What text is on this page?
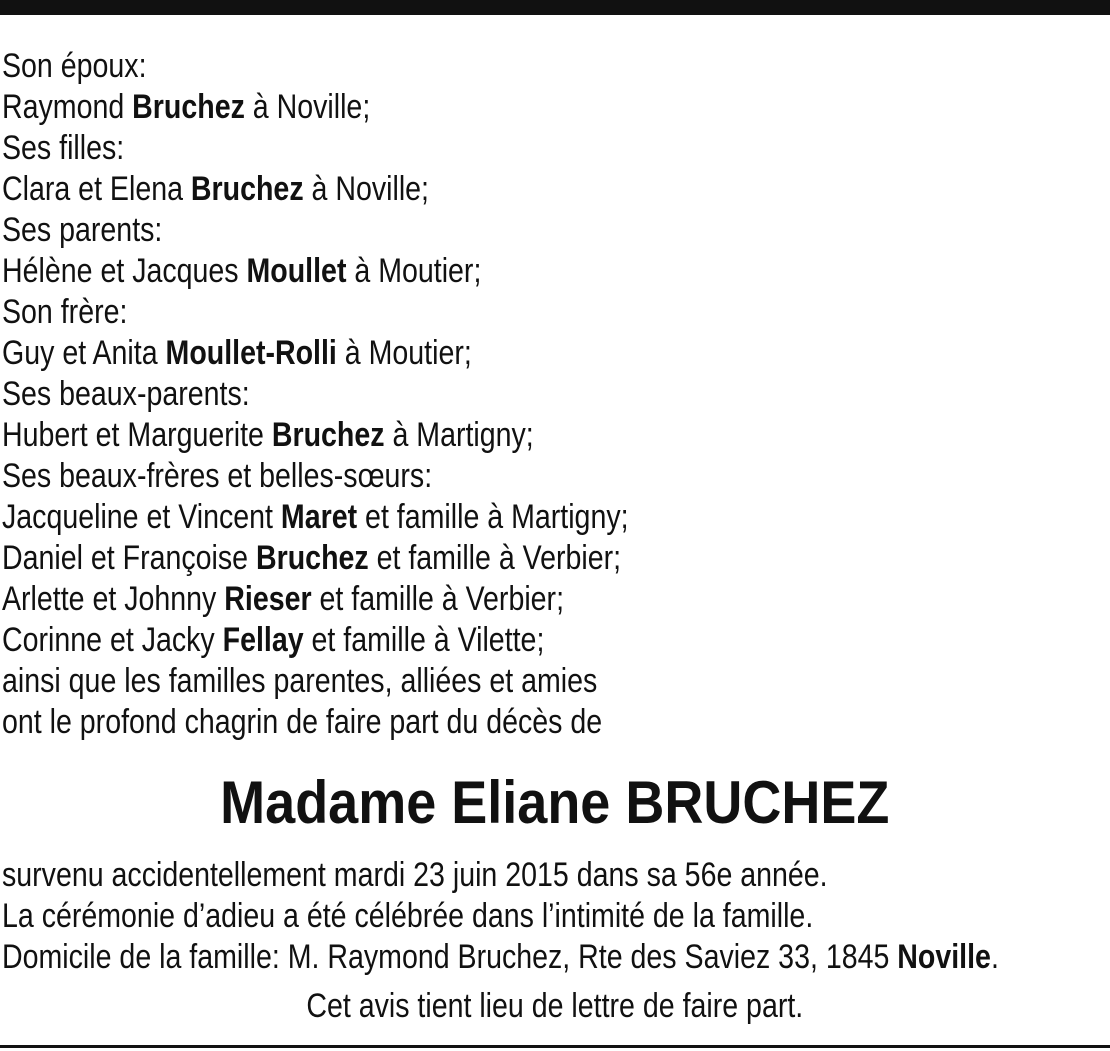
Son époux:
Raymond Bruchez à Noville;
Ses filles:
Clara et Elena Bruchez à Noville;
Ses parents:
Hélène et Jacques Moullet à Moutier;
Son frère:
Guy et Anita Moullet-Rolli à Moutier;
Ses beaux-parents:
Hubert et Marguerite Bruchez à Martigny;
Ses beaux-frères et belles-sœurs:
Jacqueline et Vincent Maret et famille à Martigny;
Daniel et Françoise Bruchez et famille à Verbier;
Arlette et Johnny Rieser et famille à Verbier;
Corinne et Jacky Fellay et famille à Vilette;
ainsi que les familles parentes, alliées et amies
ont le profond chagrin de faire part du décès de
Madame Eliane BRUCHEZ
survenu accidentellement mardi 23 juin 2015 dans sa 56e année.
La cérémonie d’adieu a été célébrée dans l’intimité de la famille.
Domicile de la famille: M. Raymond Bruchez, Rte des Saviez 33, 1845 Noville.
Cet avis tient lieu de lettre de faire part.
